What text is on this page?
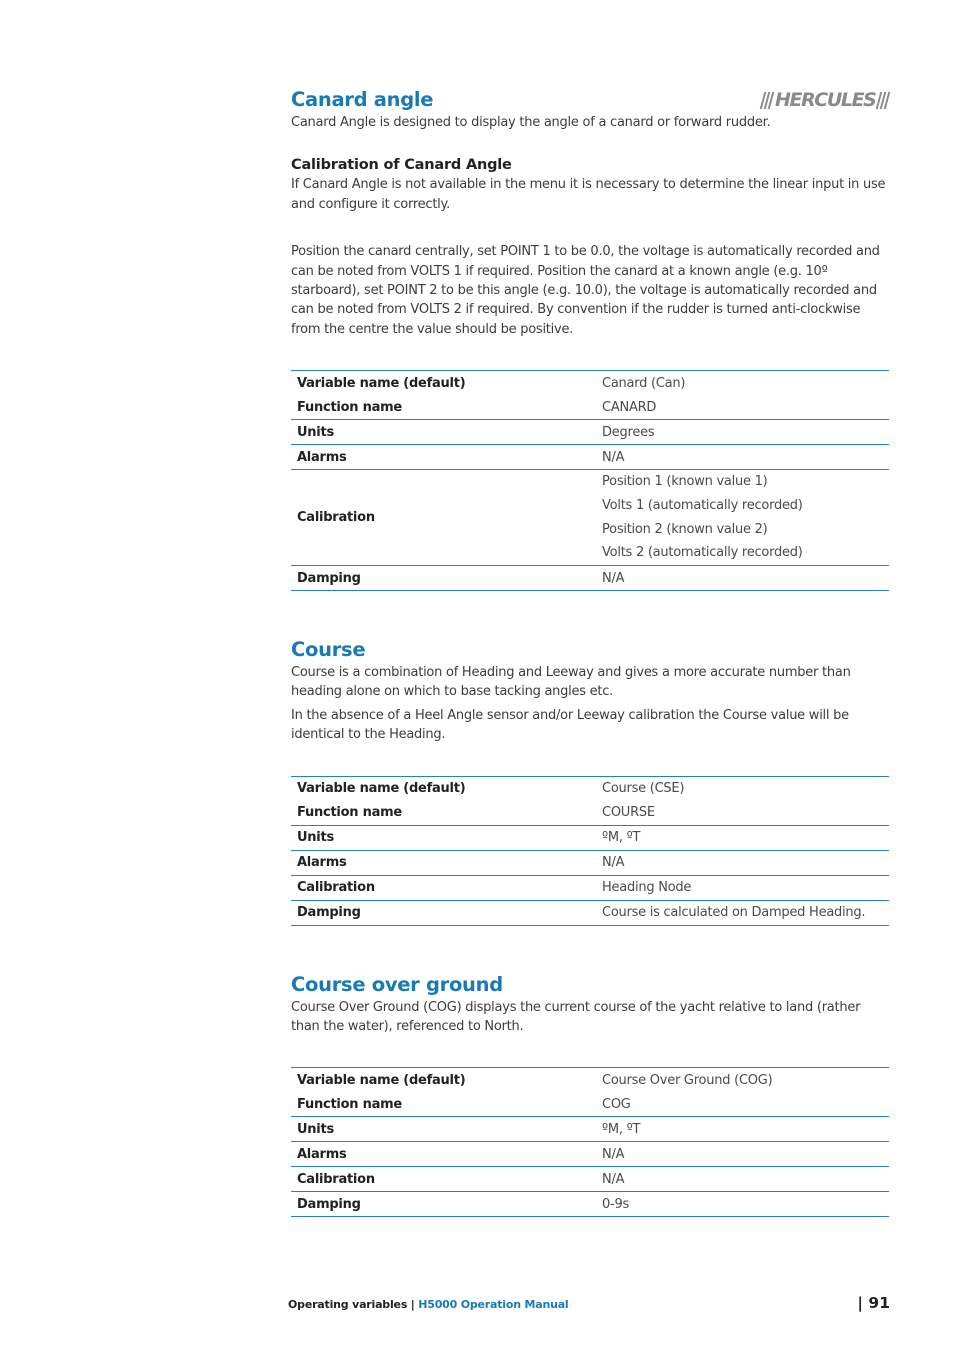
HERCULES
Canard angle

Canard Angle is designed to display the angle of a canard or forward rudder.

Calibration of Canard Angle

If Canard Angle is not available in the menu it is necessary to determine the linear input in use and configure it correctly.

Position the canard centrally, set POINT 1 to be 0.0, the voltage is automatically recorded and can be noted from VOLTS 1 if required. Position the canard at a known angle (e.g. 10º starboard), set POINT 2 to be this angle (e.g. 10.0), the voltage is automatically recorded and can be noted from VOLTS 2 if required. By convention if the rudder is turned anti-clockwise from the centre the value should be positive.

Variable name (default)	Canard (Can)
Function name	CANARD
Units	Degrees
Alarms	N/A
Calibration	Position 1 (known value 1)
Volts 1 (automatically recorded)
Position 2 (known value 2)
Volts 2 (automatically recorded)

Damping	N/A
Course

Course is a combination of Heading and Leeway and gives a more accurate number than heading alone on which to base tacking angles etc.

In the absence of a Heel Angle sensor and/or Leeway calibration the Course value will be identical to the Heading.

Variable name (default)	Course (CSE)
Function name	COURSE
Units	ºM, ºT
Alarms	N/A
Calibration	Heading Node
Damping	Course is calculated on Damped Heading.
Course over ground

Course Over Ground (COG) displays the current course of the yacht relative to land (rather than the water), referenced to North.

Variable name (default)	Course Over Ground (COG)
Function name	COG
Units	ºM, ºT
Alarms	N/A
Calibration	N/A
Damping	0-9s
Operating variables | H5000 Operation Manual	| 91
